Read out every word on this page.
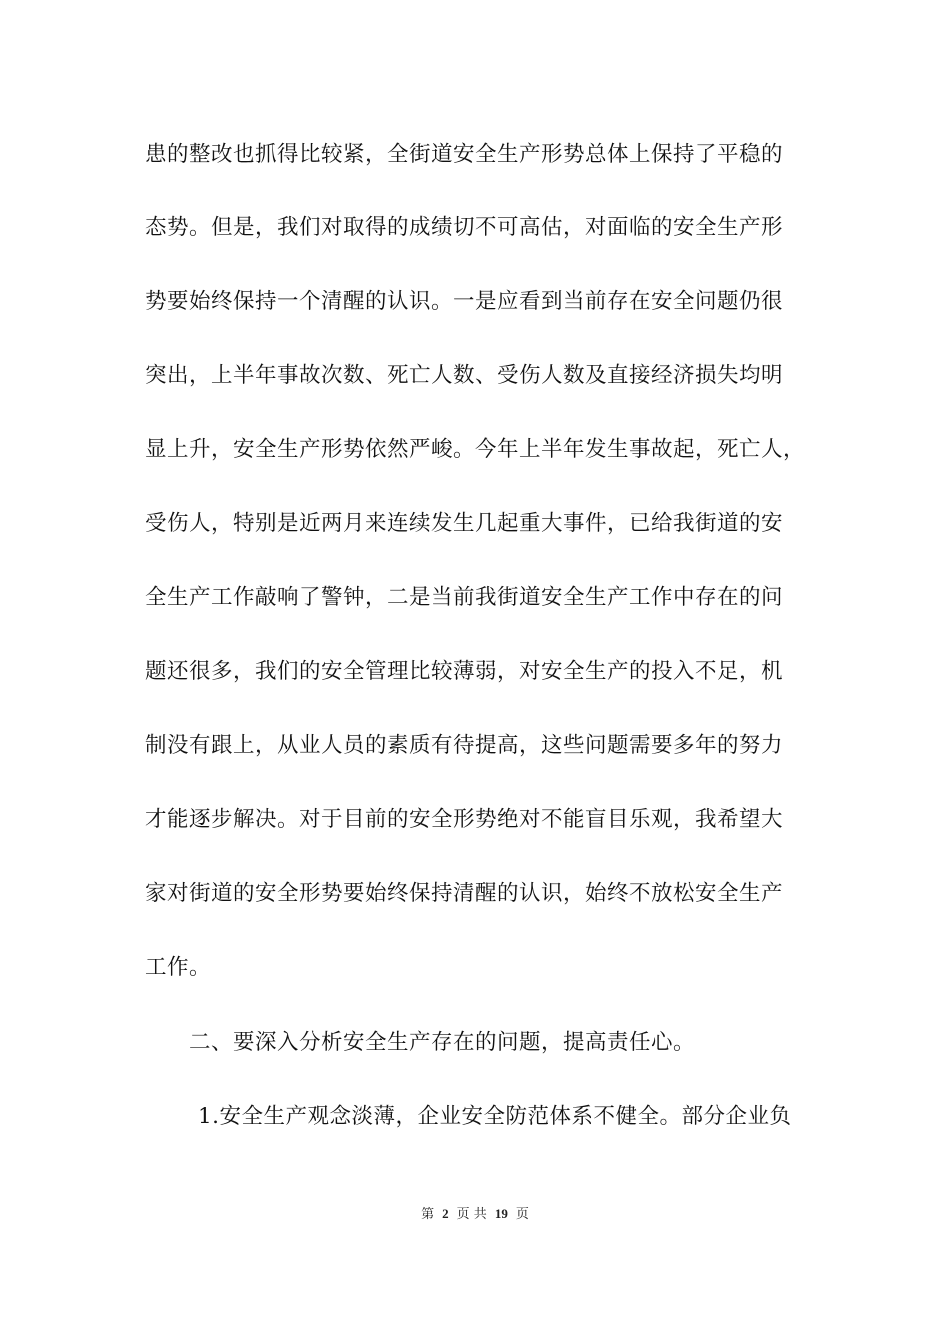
患的整改也抓得比较紧，全街道安全生产形势总体上保持了平稳的
态势。但是，我们对取得的成绩切不可高估，对面临的安全生产形
势要始终保持一个清醒的认识。一是应看到当前存在安全问题仍很
突出，上半年事故次数、死亡人数、受伤人数及直接经济损失均明
显上升，安全生产形势依然严峻。今年上半年发生事故起，死亡人，
受伤人，特别是近两月来连续发生几起重大事件，已给我街道的安
全生产工作敲响了警钟，二是当前我街道安全生产工作中存在的问
题还很多，我们的安全管理比较薄弱，对安全生产的投入不足，机
制没有跟上，从业人员的素质有待提高，这些问题需要多年的努力
才能逐步解决。对于目前的安全形势绝对不能盲目乐观，我希望大
家对街道的安全形势要始终保持清醒的认识，始终不放松安全生产
工作。
二、要深入分析安全生产存在的问题，提高责任心。
1.安全生产观念淡薄，企业安全防范体系不健全。部分企业负
第 2 页 共 19 页
